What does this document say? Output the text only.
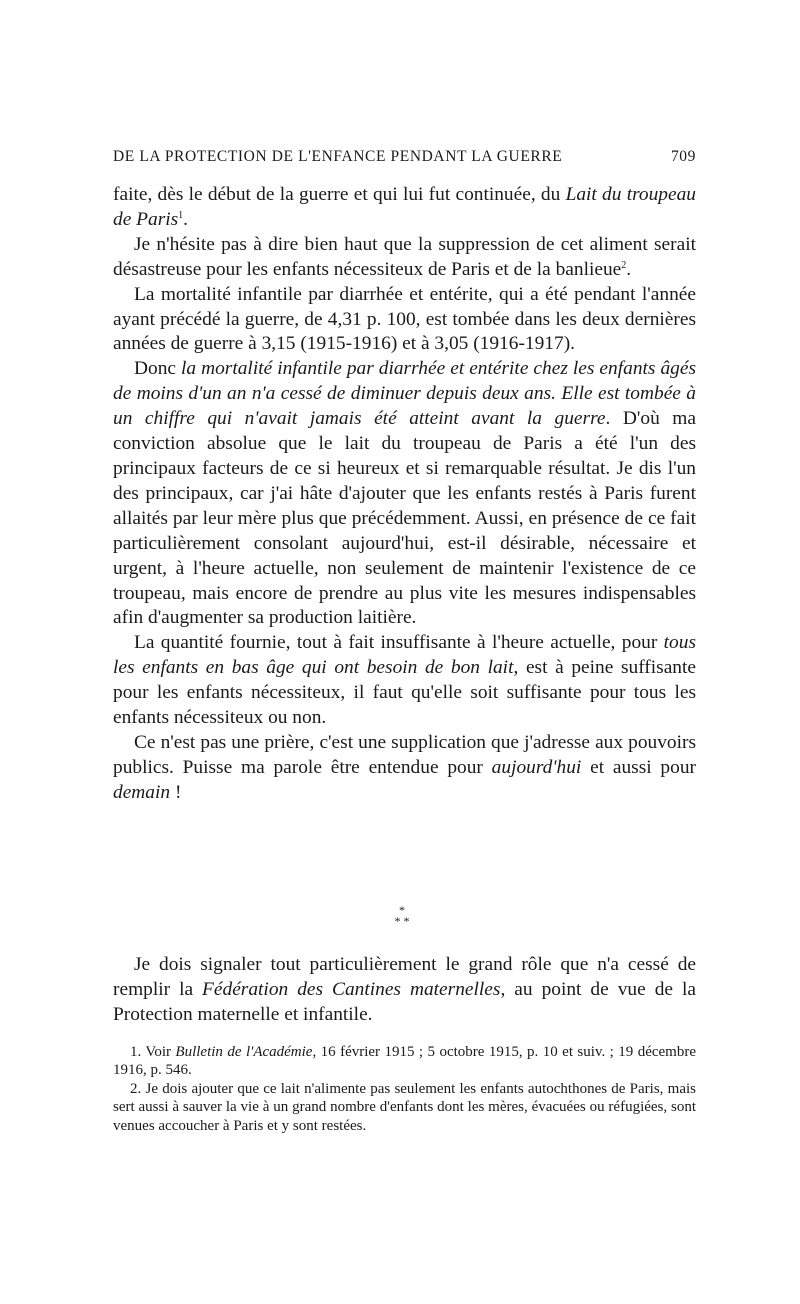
DE LA PROTECTION DE L'ENFANCE PENDANT LA GUERRE	709

faite, dès le début de la guerre et qui lui fut continuée, du Lait du troupeau de Paris$^1$.

Je n'hésite pas à dire bien haut que la suppression de cet aliment serait désastreuse pour les enfants nécessiteux de Paris et de la banlieue$^2$.

La mortalité infantile par diarrhée et entérite, qui a été pendant l'année ayant précédé la guerre, de 4,31 p. 100, est tombée dans les deux dernières années de guerre à 3,15 (1915-1916) et à 3,05 (1916-1917).

Donc la mortalité infantile par diarrhée et entérite chez les enfants âgés de moins d'un an n'a cessé de diminuer depuis deux ans. Elle est tombée à un chiffre qui n'avait jamais été atteint avant la guerre. D'où ma conviction absolue que le lait du troupeau de Paris a été l'un des principaux facteurs de ce si heureux et si remarquable résultat. Je dis l'un des principaux, car j'ai hâte d'ajouter que les enfants restés à Paris furent allaités par leur mère plus que précédemment. Aussi, en présence de ce fait particulièrement consolant aujourd'hui, est-il désirable, nécessaire et urgent, à l'heure actuelle, non seulement de maintenir l'existence de ce troupeau, mais encore de prendre au plus vite les mesures indispensables afin d'augmenter sa production laitière.

La quantité fournie, tout à fait insuffisante à l'heure actuelle, pour tous les enfants en bas âge qui ont besoin de bon lait, est à peine suffisante pour les enfants nécessiteux, il faut qu'elle soit suffisante pour tous les enfants nécessiteux ou non.

Ce n'est pas une prière, c'est une supplication que j'adresse aux pouvoirs publics. Puisse ma parole être entendue pour aujourd'hui et aussi pour demain !

*
* *

Je dois signaler tout particulièrement le grand rôle que n'a cessé de remplir la Fédération des Cantines maternelles, au point de vue de la Protection maternelle et infantile.

1. Voir Bulletin de l'Académie, 16 février 1915 ; 5 octobre 1915, p. 10 et suiv. ; 19 décembre 1916, p. 546.

2. Je dois ajouter que ce lait n'alimente pas seulement les enfants autochthones de Paris, mais sert aussi à sauver la vie à un grand nombre d'enfants dont les mères, évacuées ou réfugiées, sont venues accoucher à Paris et y sont restées.
